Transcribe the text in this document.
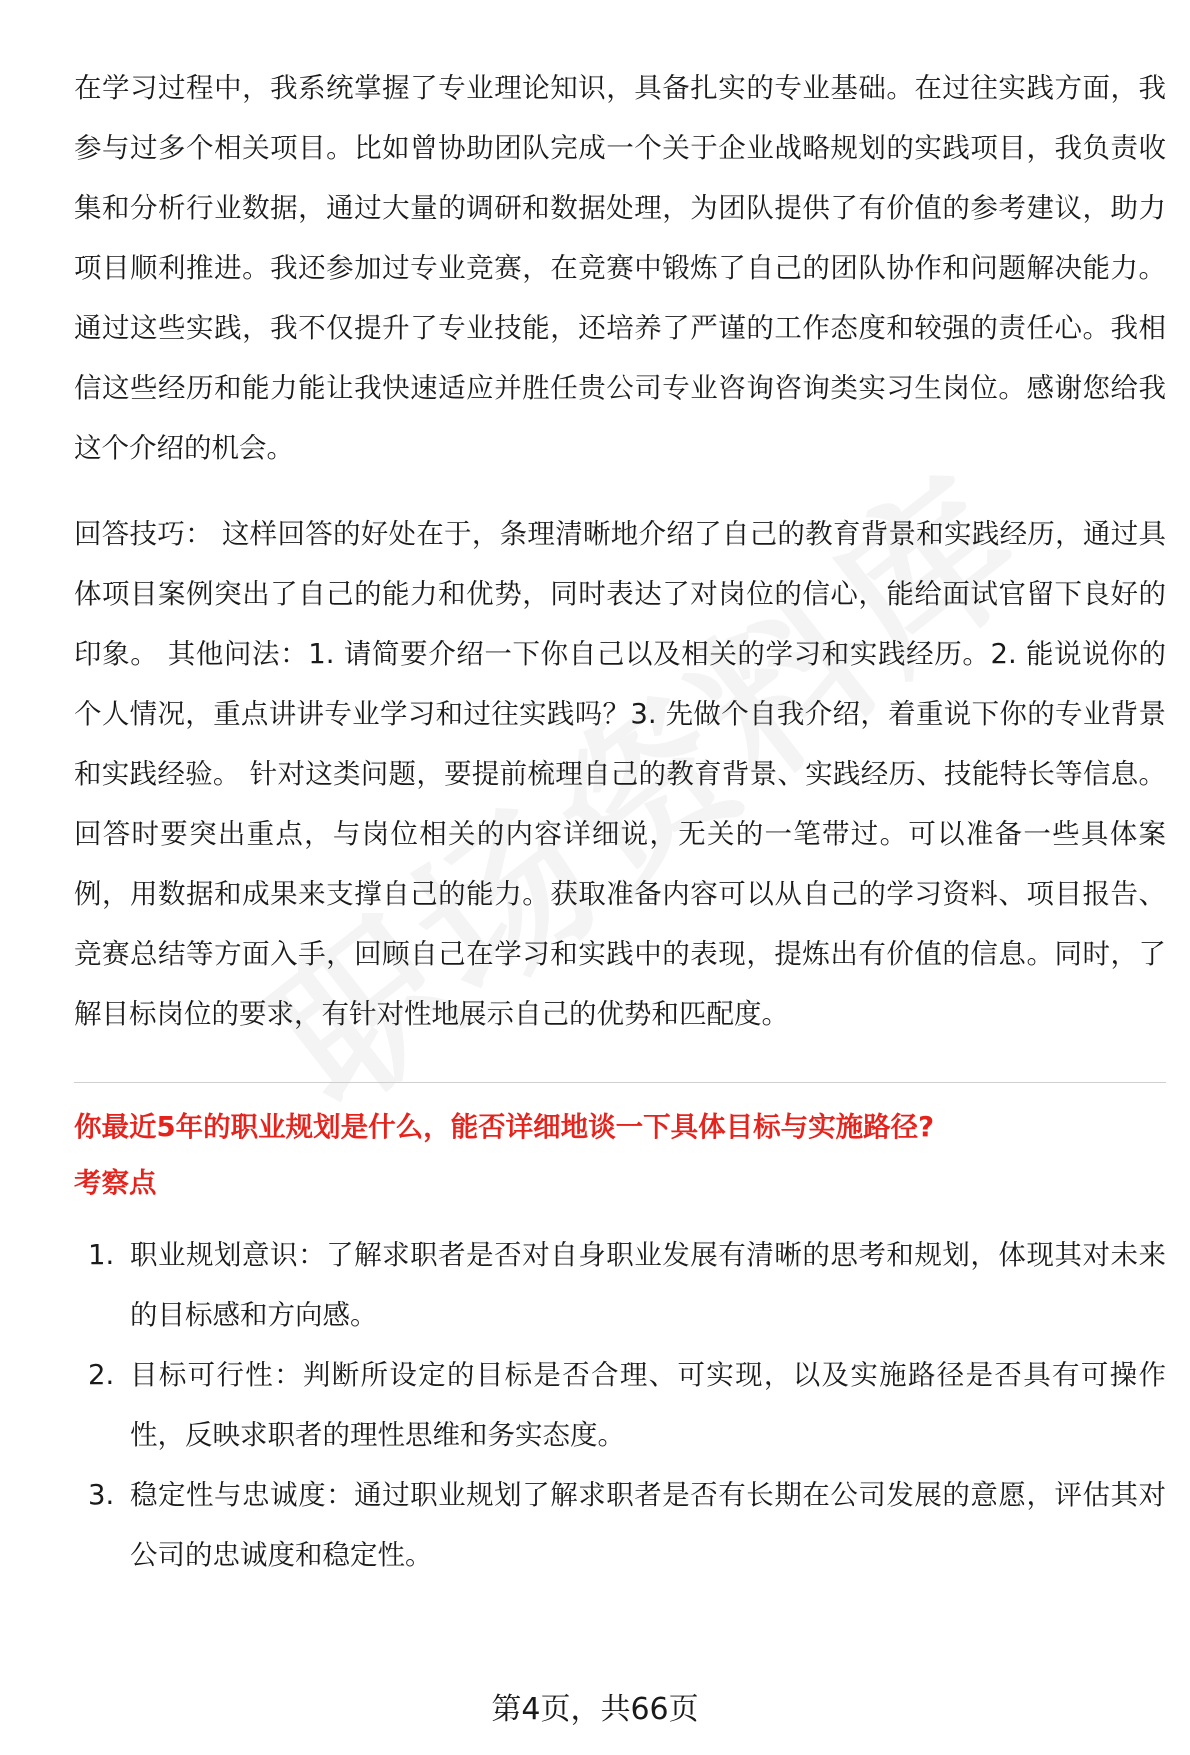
在学习过程中，我系统掌握了专业理论知识，具备扎实的专业基础。在过往实践方面，我参与过多个相关项目。比如曾协助团队完成一个关于企业战略规划的实践项目，我负责收集和分析行业数据，通过大量的调研和数据处理，为团队提供了有价值的参考建议，助力项目顺利推进。我还参加过专业竞赛，在竞赛中锻炼了自己的团队协作和问题解决能力。通过这些实践，我不仅提升了专业技能，还培养了严谨的工作态度和较强的责任心。我相信这些经历和能力能让我快速适应并胜任贵公司专业咨询咨询类实习生岗位。感谢您给我这个介绍的机会。

回答技巧： 这样回答的好处在于，条理清晰地介绍了自己的教育背景和实践经历，通过具体项目案例突出了自己的能力和优势，同时表达了对岗位的信心，能给面试官留下良好的印象。 其他问法：1. 请简要介绍一下你自己以及相关的学习和实践经历。2. 能说说你的个人情况，重点讲讲专业学习和过往实践吗？3. 先做个自我介绍，着重说下你的专业背景和实践经验。 针对这类问题，要提前梳理自己的教育背景、实践经历、技能特长等信息。回答时要突出重点，与岗位相关的内容详细说，无关的一笔带过。可以准备一些具体案例，用数据和成果来支撑自己的能力。获取准备内容可以从自己的学习资料、项目报告、竞赛总结等方面入手，回顾自己在学习和实践中的表现，提炼出有价值的信息。同时，了解目标岗位的要求，有针对性地展示自己的优势和匹配度。

你最近5年的职业规划是什么，能否详细地谈一下具体目标与实施路径?

考察点

1. 职业规划意识：了解求职者是否对自身职业发展有清晰的思考和规划，体现其对未来的目标感和方向感。
2. 目标可行性：判断所设定的目标是否合理、可实现，以及实施路径是否具有可操作性，反映求职者的理性思维和务实态度。
3. 稳定性与忠诚度：通过职业规划了解求职者是否有长期在公司发展的意愿，评估其对公司的忠诚度和稳定性。
第4页，共66页
